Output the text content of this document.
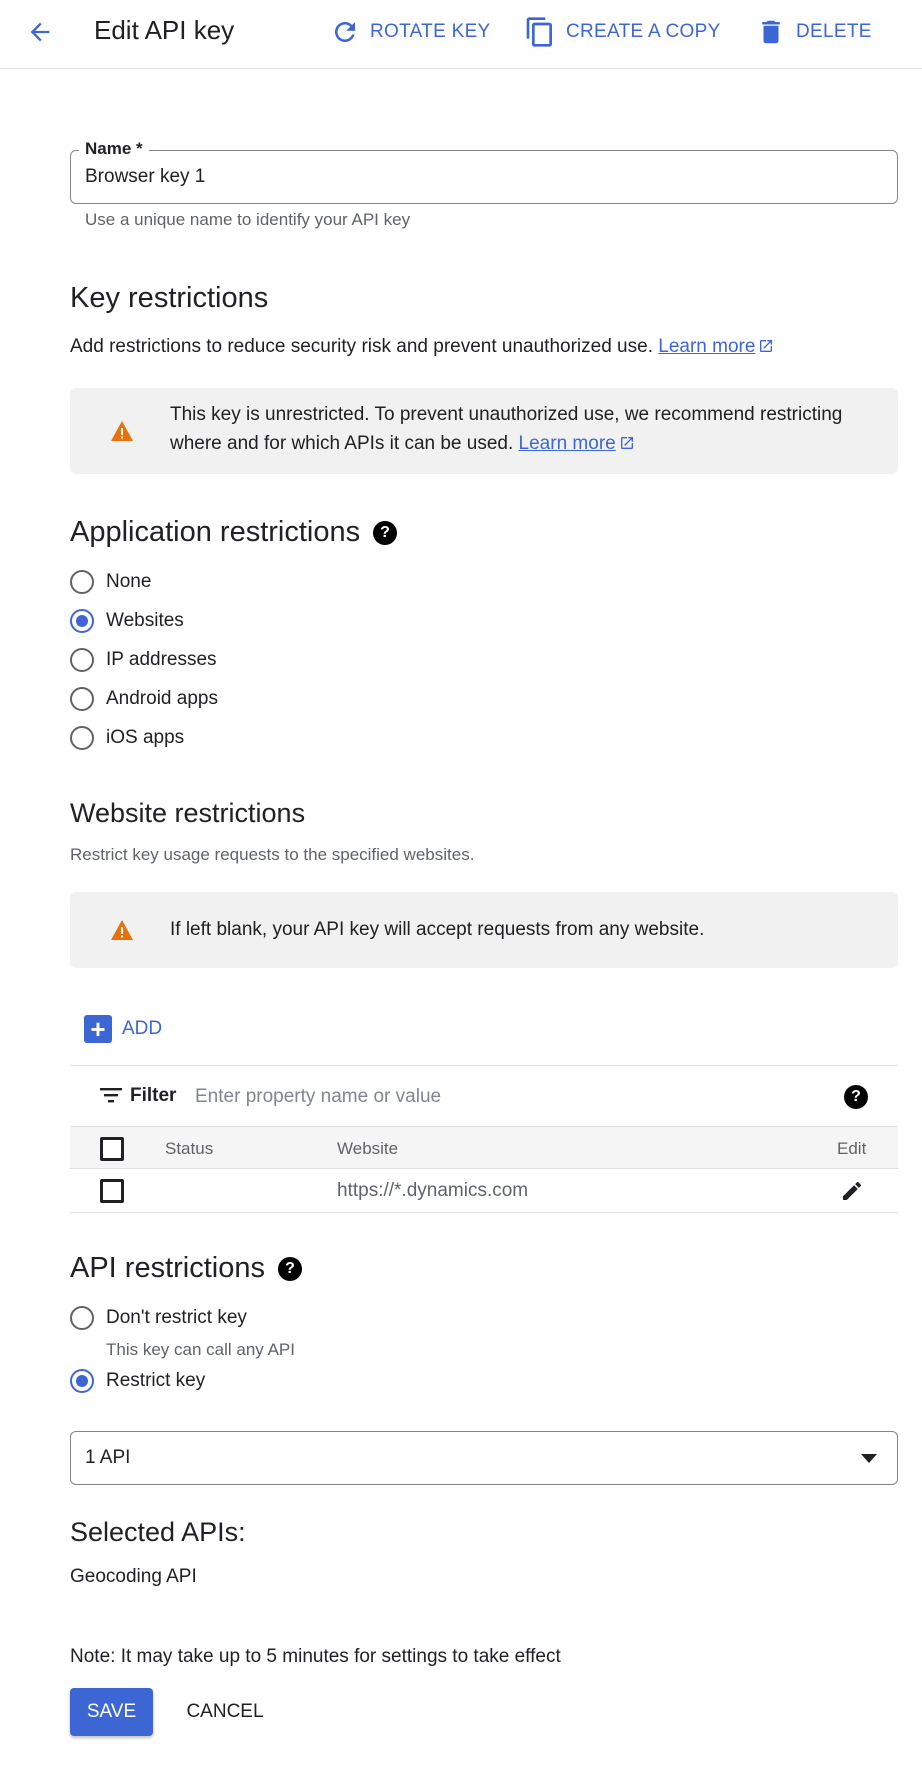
Edit API key	ROTATE KEY	CREATE A COPY	DELETE
Name *
Browser key 1
Use a unique name to identify your API key
Key restrictions
Add restrictions to reduce security risk and prevent unauthorized use. Learn more
This key is unrestricted. To prevent unauthorized use, we recommend restricting
where and for which APIs it can be used. Learn more
Application restrictions	?
None
Websites
IP addresses
Android apps
iOS apps
Website restrictions
Restrict key usage requests to the specified websites.
If left blank, your API key will accept requests from any website.
+ ADD
Filter
Enter property name or value	?
Status	Website	Edit
https://*.dynamics.com
API restrictions	?
Don't restrict key
This key can call any API
Restrict key
1 API
Selected APIs:
Geocoding API
Note: It may take up to 5 minutes for settings to take effect
SAVE	CANCEL
